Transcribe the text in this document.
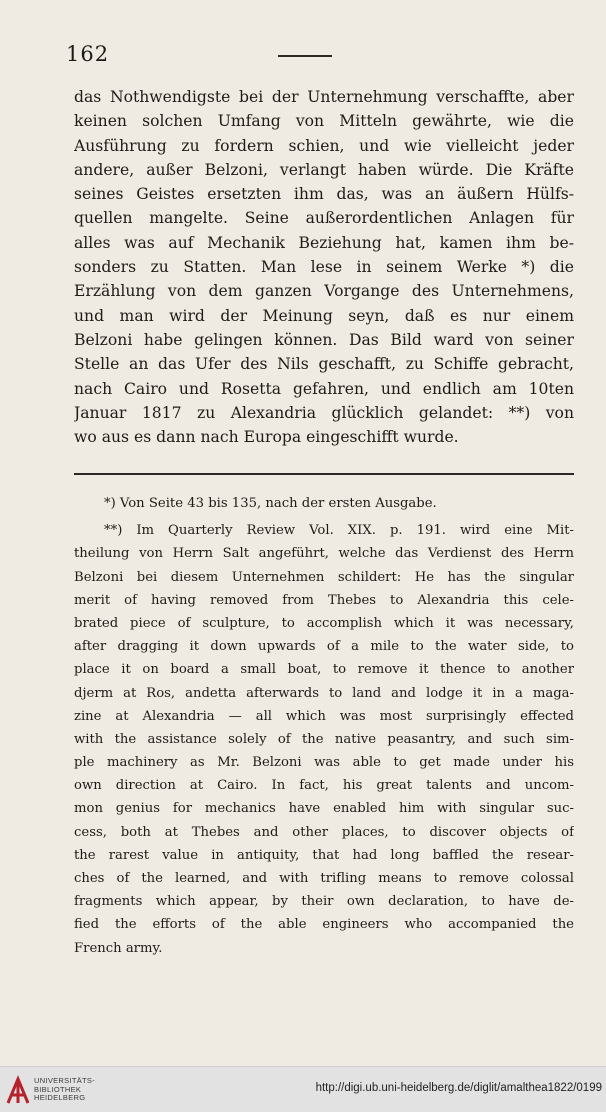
162
das Nothwendigste bei der Unternehmung verschaffte, aber
keinen solchen Umfang von Mitteln gewährte, wie die
Ausführung zu fordern schien, und wie vielleicht jeder
andere, außer Belzoni, verlangt haben würde. Die Kräfte
seines Geistes ersetzten ihm das, was an äußern Hülfs-
quellen mangelte. Seine außerordentlichen Anlagen für
alles was auf Mechanik Beziehung hat, kamen ihm be-
sonders zu Statten. Man lese in seinem Werke *) die
Erzählung von dem ganzen Vorgange des Unternehmens,
und man wird der Meinung seyn, daß es nur einem
Belzoni habe gelingen können. Das Bild ward von seiner
Stelle an das Ufer des Nils geschafft, zu Schiffe gebracht,
nach Cairo und Rosetta gefahren, und endlich am 10ten
Januar 1817 zu Alexandria glücklich gelandet: **) von
wo aus es dann nach Europa eingeschifft wurde.
*) Von Seite 43 bis 135, nach der ersten Ausgabe.
**) Im Quarterly Review Vol. XIX. p. 191. wird eine Mit-
theilung von Herrn Salt angeführt, welche das Verdienst des Herrn
Belzoni bei diesem Unternehmen schildert: He has the singular
merit of having removed from Thebes to Alexandria this cele-
brated piece of sculpture, to accomplish which it was necessary,
after dragging it down upwards of a mile to the water side, to
place it on board a small boat, to remove it thence to another
djerm at Ros, andetta afterwards to land and lodge it in a maga-
zine at Alexandria — all which was most surprisingly effected
with the assistance solely of the native peasantry, and such sim-
ple machinery as Mr. Belzoni was able to get made under his
own direction at Cairo. In fact, his great talents and uncom-
mon genius for mechanics have enabled him with singular suc-
cess, both at Thebes and other places, to discover objects of
the rarest value in antiquity, that had long baffled the resear-
ches of the learned, and with trifling means to remove colossal
fragments which appear, by their own declaration, to have de-
fied the efforts of the able engineers who accompanied the
French army.
UNIVERSITÄTS-
BIBLIOTHEK
HEIDELBERG
http://digi.ub.uni-heidelberg.de/diglit/amalthea1822/0199
